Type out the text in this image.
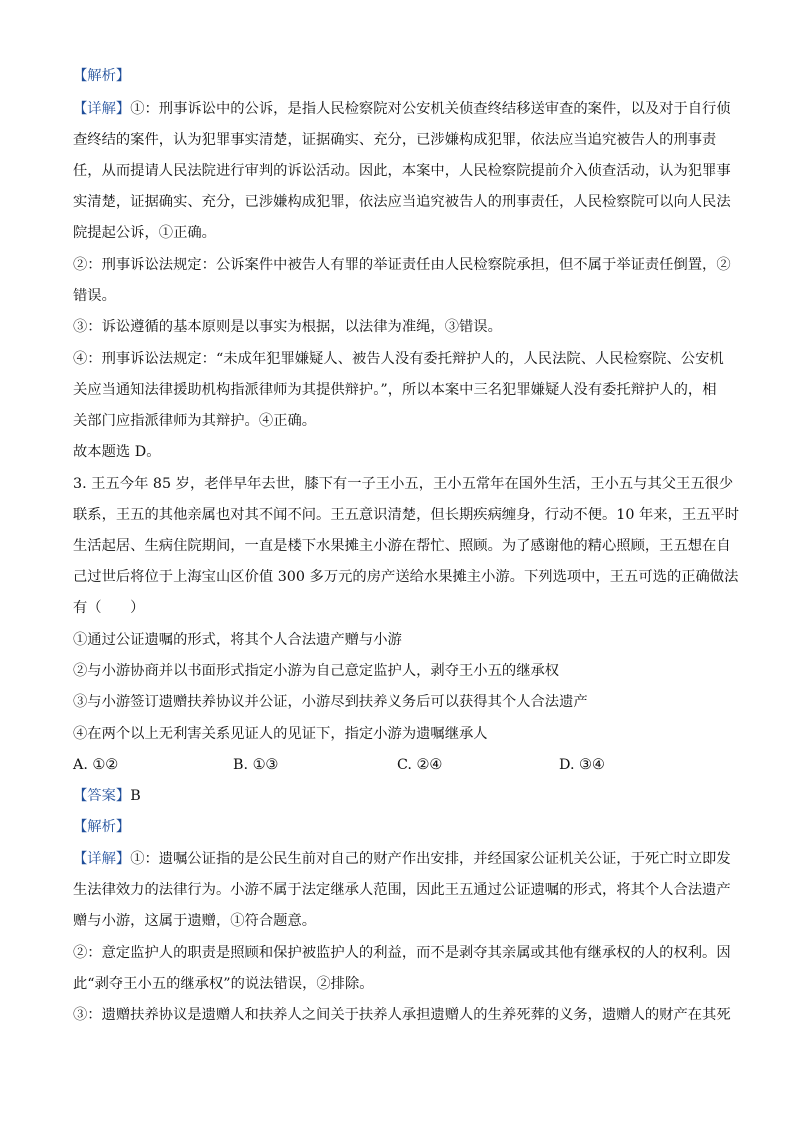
【解析】
【详解】①：刑事诉讼中的公诉，是指人民检察院对公安机关侦查终结移送审查的案件，以及对于自行侦
查终结的案件，认为犯罪事实清楚，证据确实、充分，已涉嫌构成犯罪，依法应当追究被告人的刑事责
任，从而提请人民法院进行审判的诉讼活动。因此，本案中，人民检察院提前介入侦查活动，认为犯罪事
实清楚，证据确实、充分，已涉嫌构成犯罪，依法应当追究被告人的刑事责任，人民检察院可以向人民法
院提起公诉，①正确。
②：刑事诉讼法规定：公诉案件中被告人有罪的举证责任由人民检察院承担，但不属于举证责任倒置，②
错误。
③：诉讼遵循的基本原则是以事实为根据，以法律为准绳，③错误。
④：刑事诉讼法规定：“未成年犯罪嫌疑人、被告人没有委托辩护人的，人民法院、人民检察院、公安机
关应当通知法律援助机构指派律师为其提供辩护。”，所以本案中三名犯罪嫌疑人没有委托辩护人的，相
关部门应指派律师为其辩护。④正确。
故本题选 D。
3. 王五今年 85 岁，老伴早年去世，膝下有一子王小五，王小五常年在国外生活，王小五与其父王五很少
联系，王五的其他亲属也对其不闻不问。王五意识清楚，但长期疾病缠身，行动不便。10 年来，王五平时
生活起居、生病住院期间，一直是楼下水果摊主小游在帮忙、照顾。为了感谢他的精心照顾，王五想在自
己过世后将位于上海宝山区价值 300 多万元的房产送给水果摊主小游。下列选项中，王五可选的正确做法
有（　　）
①通过公证遗嘱的形式，将其个人合法遗产赠与小游
②与小游协商并以书面形式指定小游为自己意定监护人，剥夺王小五的继承权
③与小游签订遗赠扶养协议并公证，小游尽到扶养义务后可以获得其个人合法遗产
④在两个以上无利害关系见证人的见证下，指定小游为遗嘱继承人
A. ①②	B. ①③	C. ②④	D. ③④
【答案】B
【解析】
【详解】①：遗嘱公证指的是公民生前对自己的财产作出安排，并经国家公证机关公证，于死亡时立即发
生法律效力的法律行为。小游不属于法定继承人范围，因此王五通过公证遗嘱的形式，将其个人合法遗产
赠与小游，这属于遗赠，①符合题意。
②：意定监护人的职责是照顾和保护被监护人的利益，而不是剥夺其亲属或其他有继承权的人的权利。因
此“剥夺王小五的继承权”的说法错误，②排除。
③：遗赠扶养协议是遗赠人和扶养人之间关于扶养人承担遗赠人的生养死葬的义务，遗赠人的财产在其死
